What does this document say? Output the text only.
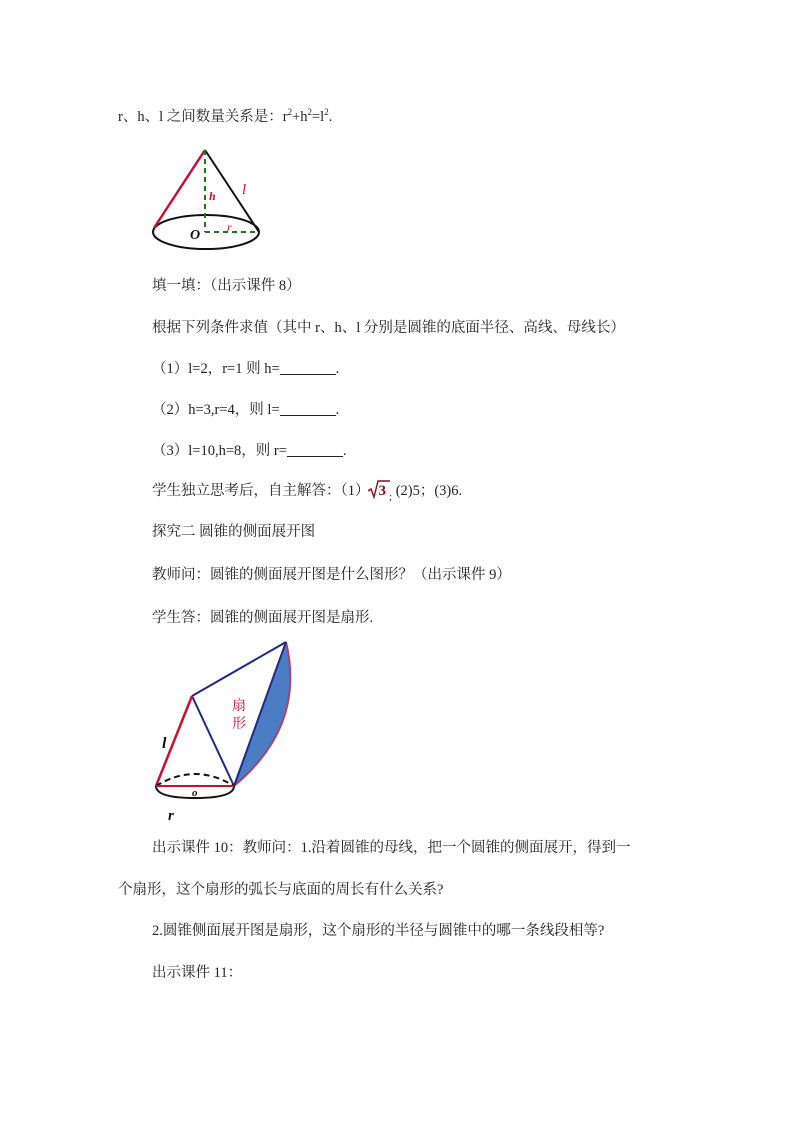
r、h、l 之间数量关系是：$r^2+h^2=l^2$.
h l
O
r
填一填：（出示课件 8）
根据下列条件求值（其中 r、h、l 分别是圆锥的底面半径、高线、母线长）
（1）l=2，r=1 则 h=	.
（2）h=3,r=4，则 l=	.
（3）l=10,h=8，则 r=	.
学生独立思考后，自主解答：（1） 3 $_;$ (2)5；(3)6.
探究二 圆锥的侧面展开图
教师问：圆锥的侧面展开图是什么图形？（出示课件 9）
学生答：圆锥的侧面展开图是扇形.
扇
形
l
o
r
出示课件 10：教师问：1.沿着圆锥的母线，把一个圆锥的侧面展开，得到一
个扇形，这个扇形的弧长与底面的周长有什么关系?
2.圆锥侧面展开图是扇形，这个扇形的半径与圆锥中的哪一条线段相等?
出示课件 11：
